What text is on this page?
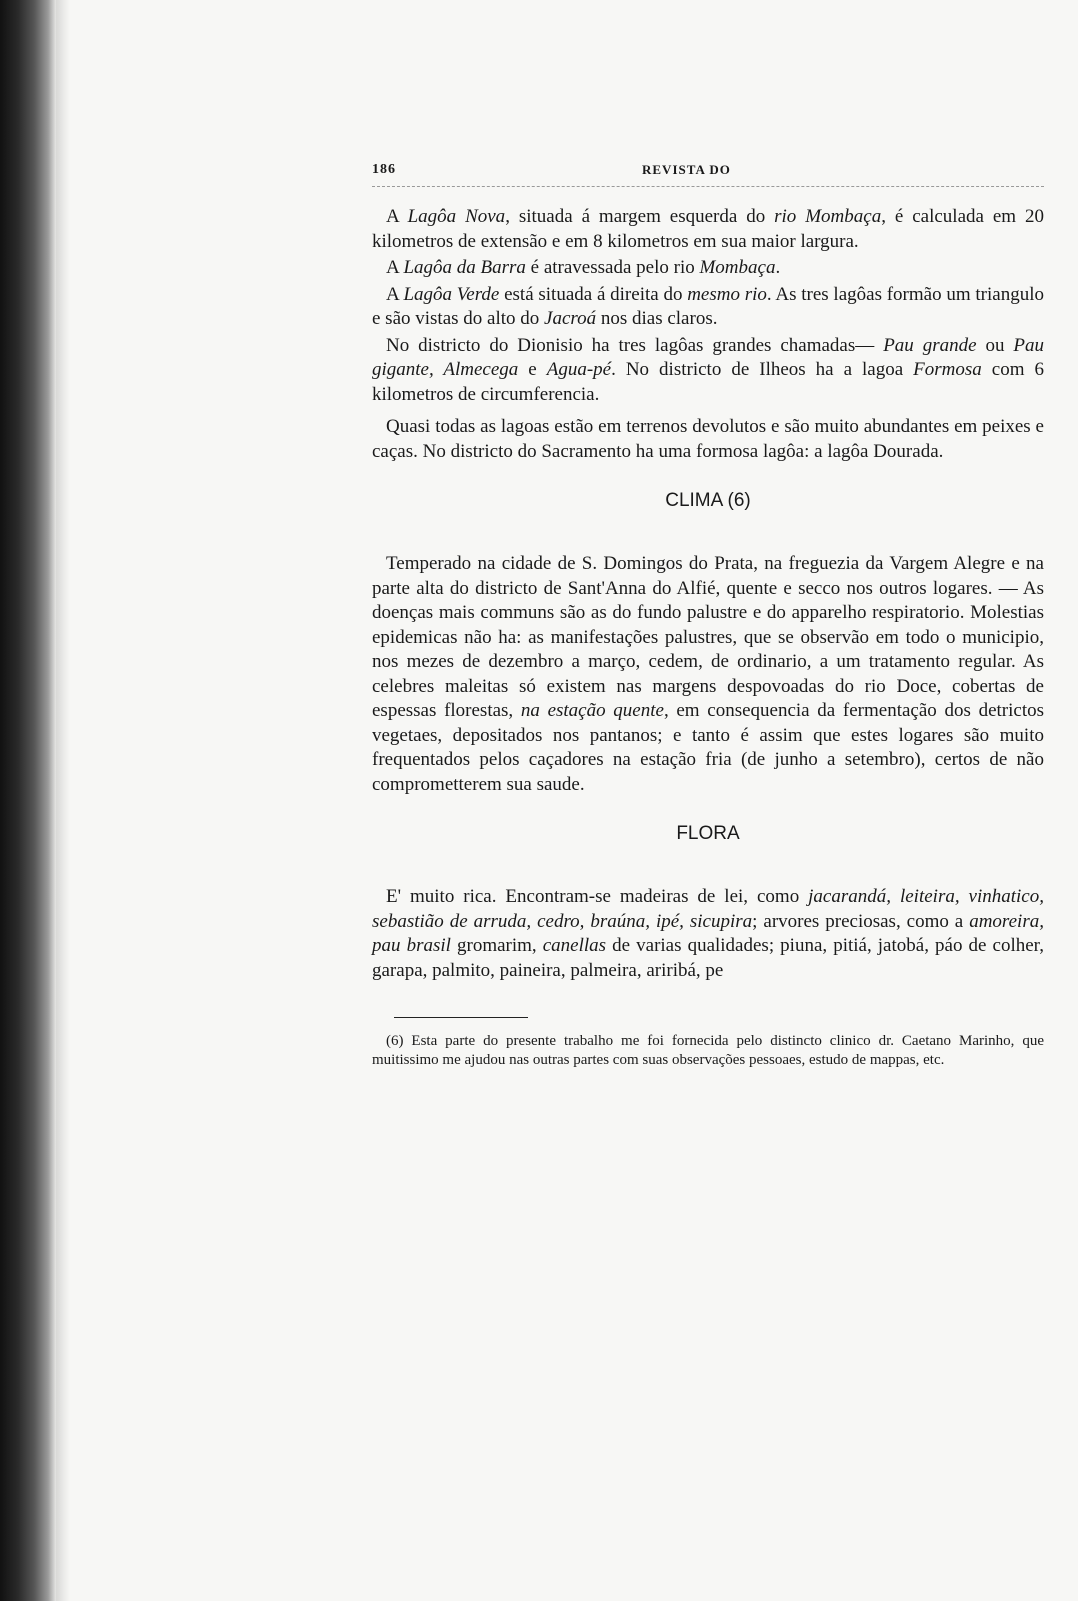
186	REVISTA DO

A Lagôa Nova, situada á margem esquerda do rio Mombaça, é calculada em 20 kilometros de extensão e em 8 kilometros em sua maior largura.

A Lagôa da Barra é atravessada pelo rio Mombaça.

A Lagôa Verde está situada á direita do mesmo rio. As tres lagôas formão um triangulo e são vistas do alto do Jacroá nos dias claros.

No districto do Dionisio ha tres lagôas grandes chamadas— Pau grande ou Pau gigante, Almecega e Agua-pé. No districto de Ilheos ha a lagoa Formosa com 6 kilometros de circumferencia.

Quasi todas as lagoas estão em terrenos devolutos e são muito abundantes em peixes e caças. No districto do Sacramento ha uma formosa lagôa: a lagôa Dourada.

CLIMA (6)

Temperado na cidade de S. Domingos do Prata, na freguezia da Vargem Alegre e na parte alta do districto de Sant'Anna do Alfié, quente e secco nos outros logares. — As doenças mais communs são as do fundo palustre e do apparelho respiratorio. Molestias epidemicas não ha: as manifestações palustres, que se observão em todo o municipio, nos mezes de dezembro a março, cedem, de ordinario, a um tratamento regular. As celebres maleitas só existem nas margens despovoadas do rio Doce, cobertas de espessas florestas, na estação quente, em consequencia da fermentação dos detrictos vegetaes, depositados nos pantanos; e tanto é assim que estes logares são muito frequentados pelos caçadores na estação fria (de junho a setembro), certos de não comprometterem sua saude.

FLORA

E' muito rica. Encontram-se madeiras de lei, como jacarandá, leiteira, vinhatico, sebastião de arruda, cedro, braúna, ipé, sicupira; arvores preciosas, como a amoreira, pau brasil gromarim, canellas de varias qualidades; piuna, pitiá, jatobá, páo de colher, garapa, palmito, paineira, palmeira, ariribá, pe

(6) Esta parte do presente trabalho me foi fornecida pelo distincto clinico dr. Caetano Marinho, que muitissimo me ajudou nas outras partes com suas observações pessoaes, estudo de mappas, etc.
